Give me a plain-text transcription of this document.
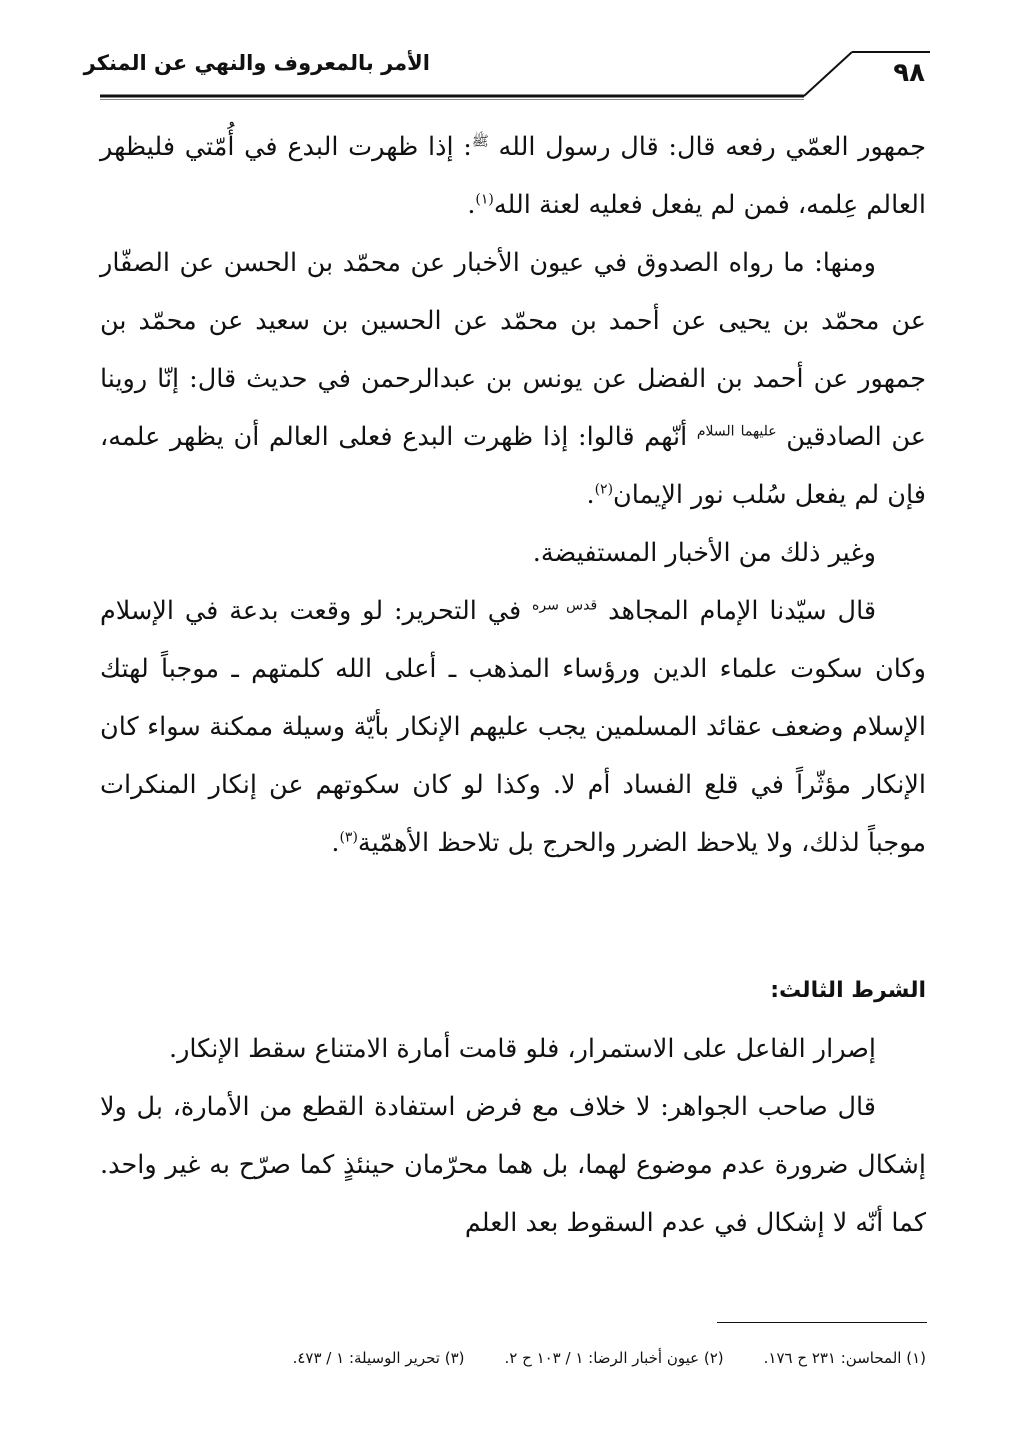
٩٨
الأمر بالمعروف والنهي عن المنكر

جمهور العمّي رفعه قال: قال رسول الله $^ﷺ$: إذا ظهرت البدع في أُمّتي فليظهر العالم عِلمه، فمن لم يفعل فعليه لعنة الله$^{(١)}$.

ومنها: ما رواه الصدوق في عيون الأخبار عن محمّد بن الحسن عن الصفّار عن محمّد بن يحيى عن أحمد بن محمّد عن الحسين بن سعيد عن محمّد بن جمهور عن أحمد بن الفضل عن يونس بن عبدالرحمن في حديث قال: إنّا روينا عن الصادقين $^{عليهما السلام}$ أنّهم قالوا: إذا ظهرت البدع فعلى العالم أن يظهر علمه، فإن لم يفعل سُلب نور الإيمان$^{(٢)}$.

وغير ذلك من الأخبار المستفيضة.

قال سيّدنا الإمام المجاهد $^{قدس سره}$ في التحرير: لو وقعت بدعة في الإسلام وكان سكوت علماء الدين ورؤساء المذهب ـ أعلى الله كلمتهم ـ موجباً لهتك الإسلام وضعف عقائد المسلمين يجب عليهم الإنكار بأيّة وسيلة ممكنة سواء كان الإنكار مؤثّراً في قلع الفساد أم لا. وكذا لو كان سكوتهم عن إنكار المنكرات موجباً لذلك، ولا يلاحظ الضرر والحرج بل تلاحظ الأهمّية$^{(٣)}$.

الشرط الثالث:

إصرار الفاعل على الاستمرار، فلو قامت أمارة الامتناع سقط الإنكار.

قال صاحب الجواهر: لا خلاف مع فرض استفادة القطع من الأمارة، بل ولا إشكال ضرورة عدم موضوع لهما، بل هما محرّمان حينئذٍ كما صرّح به غير واحد. كما أنّه لا إشكال في عدم السقوط بعد العلم

(١) المحاسن: ٢٣١ ح ١٧٦.(٢) عيون أخبار الرضا: ١ / ١٠٣ ح ٢.(٣) تحرير الوسيلة: ١ / ٤٧٣.
